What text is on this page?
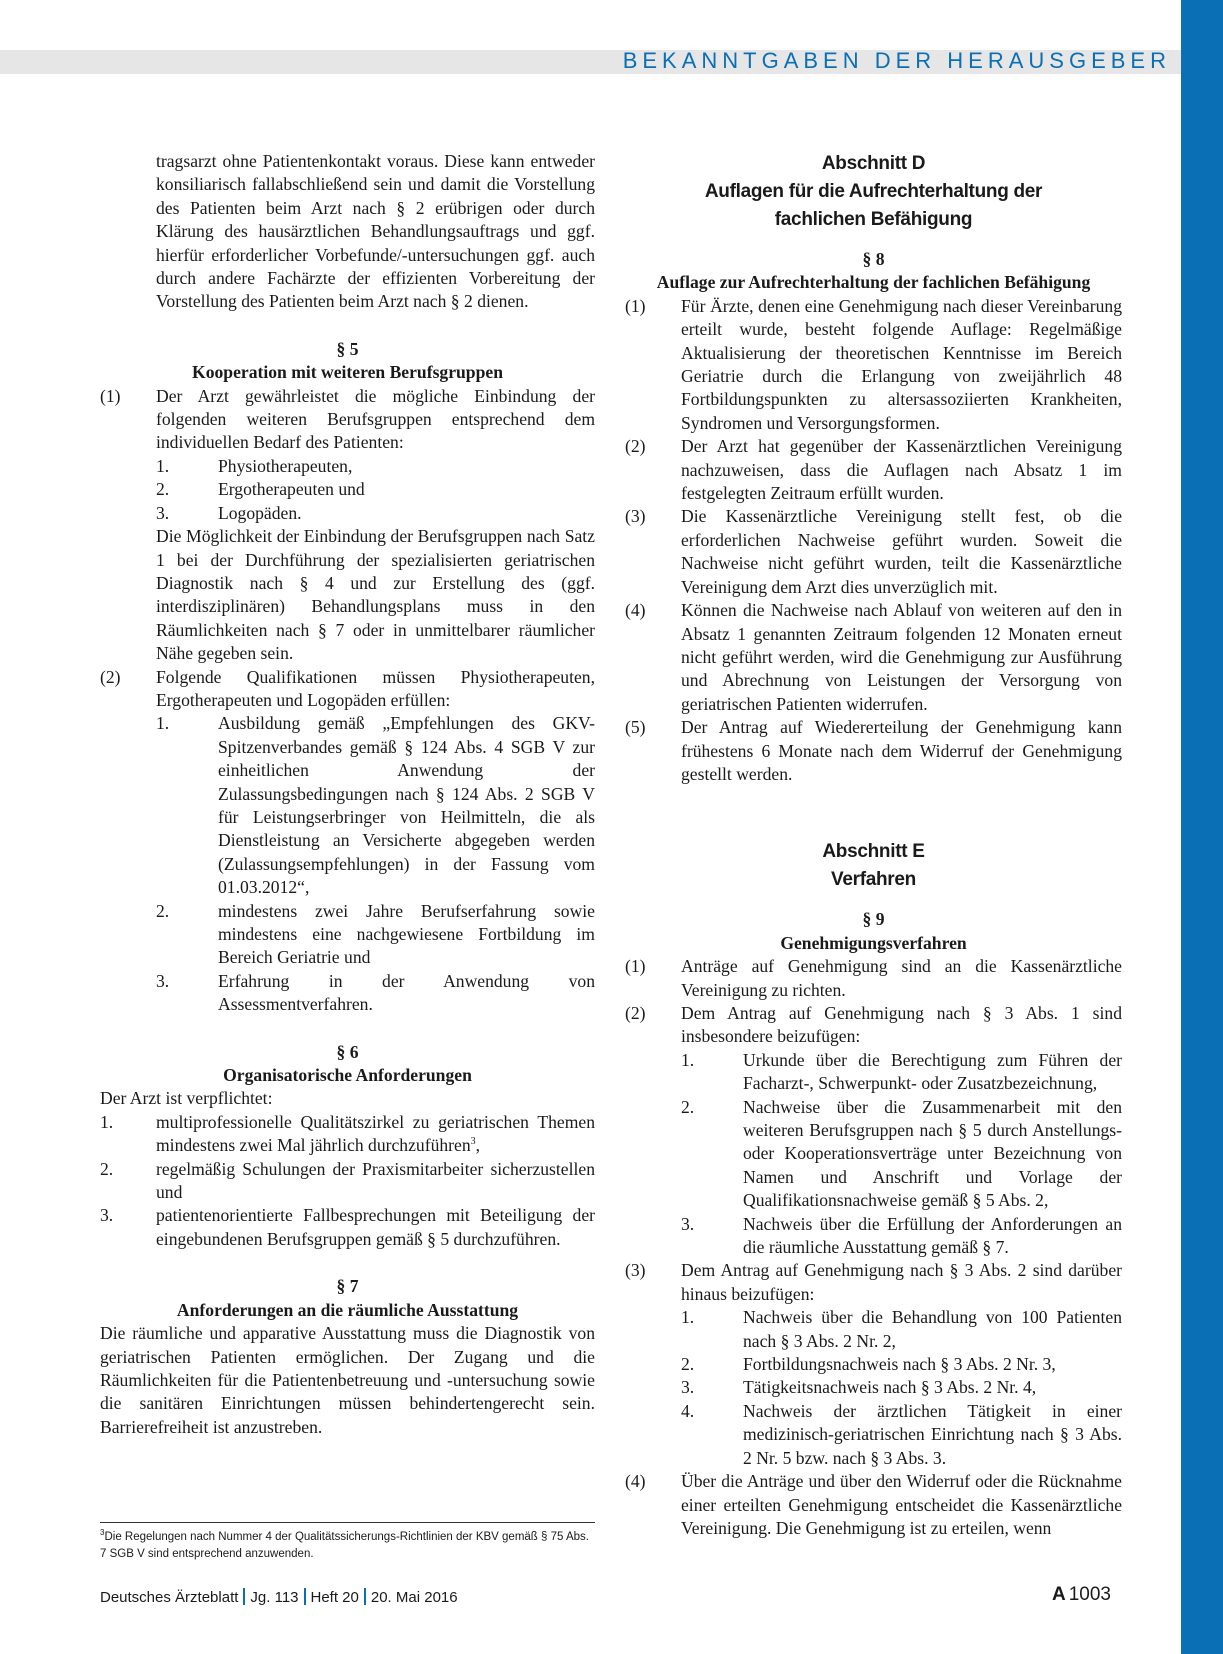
BEKANNTGABEN DER HERAUSGEBER

tragsarzt ohne Patientenkontakt voraus. Diese kann entweder konsiliarisch fallabschließend sein und damit die Vorstellung des Patienten beim Arzt nach § 2 erübrigen oder durch Klärung des hausärztlichen Behandlungsauftrags und ggf. hierfür erforderlicher Vorbefunde/-untersuchungen ggf. auch durch andere Fachärzte der effizienten Vorbereitung der Vorstellung des Patienten beim Arzt nach § 2 dienen.

§ 5

Kooperation mit weiteren Berufsgruppen

(1)	Der Arzt gewährleistet die mögliche Einbindung der folgenden weiteren Berufsgruppen entsprechend dem individuellen Bedarf des Patienten:
1.	Physiotherapeuten,
2.	Ergotherapeuten und
3.	Logopäden.

Die Möglichkeit der Einbindung der Berufsgruppen nach Satz 1 bei der Durchführung der spezialisierten geriatrischen Diagnostik nach § 4 und zur Erstellung des (ggf. interdisziplinären) Behandlungsplans muss in den Räumlichkeiten nach § 7 oder in unmittelbarer räumlicher Nähe gegeben sein.

(2)	Folgende Qualifikationen müssen Physiotherapeuten, Ergotherapeuten und Logopäden erfüllen:
1.	Ausbildung gemäß „Empfehlungen des GKV-Spitzenverbandes gemäß § 124 Abs. 4 SGB V zur einheitlichen Anwendung der Zulassungsbedingungen nach § 124 Abs. 2 SGB V für Leistungserbringer von Heilmitteln, die als Dienstleistung an Versicherte abgegeben werden (Zulassungsempfehlungen) in der Fassung vom 01.03.2012“,
2.	mindestens zwei Jahre Berufserfahrung sowie mindestens eine nachgewiesene Fortbildung im Bereich Geriatrie und
3.	Erfahrung in der Anwendung von Assessmentverfahren.

§ 6

Organisatorische Anforderungen

Der Arzt ist verpflichtet:

1.	multiprofessionelle Qualitätszirkel zu geriatrischen Themen mindestens zwei Mal jährlich durchzuführen$^3$,
2.	regelmäßig Schulungen der Praxismitarbeiter sicherzustellen und
3.	patientenorientierte Fallbesprechungen mit Beteiligung der eingebundenen Berufsgruppen gemäß § 5 durchzuführen.

§ 7

Anforderungen an die räumliche Ausstattung

Die räumliche und apparative Ausstattung muss die Diagnostik von geriatrischen Patienten ermöglichen. Der Zugang und die Räumlichkeiten für die Patientenbetreuung und -untersuchung sowie die sanitären Einrichtungen müssen behindertengerecht sein. Barrierefreiheit ist anzustreben.

$^3$Die Regelungen nach Nummer 4 der Qualitätssicherungs-Richtlinien der KBV gemäß § 75 Abs. 7 SGB V sind entsprechend anzuwenden.
Abschnitt D
Auflagen für die Aufrechterhaltung der
fachlichen Befähigung

§ 8

Auflage zur Aufrechterhaltung der fachlichen Befähigung

(1)	Für Ärzte, denen eine Genehmigung nach dieser Vereinbarung erteilt wurde, besteht folgende Auflage: Regelmäßige Aktualisierung der theoretischen Kenntnisse im Bereich Geriatrie durch die Erlangung von zweijährlich 48 Fortbildungspunkten zu altersassoziierten Krankheiten, Syndromen und Versorgungsformen.
(2)	Der Arzt hat gegenüber der Kassenärztlichen Vereinigung nachzuweisen, dass die Auflagen nach Absatz 1 im festgelegten Zeitraum erfüllt wurden.
(3)	Die Kassenärztliche Vereinigung stellt fest, ob die erforderlichen Nachweise geführt wurden. Soweit die Nachweise nicht geführt wurden, teilt die Kassenärztliche Vereinigung dem Arzt dies unverzüglich mit.
(4)	Können die Nachweise nach Ablauf von weiteren auf den in Absatz 1 genannten Zeitraum folgenden 12 Monaten erneut nicht geführt werden, wird die Genehmigung zur Ausführung und Abrechnung von Leistungen der Versorgung von geriatrischen Patienten widerrufen.
(5)	Der Antrag auf Wiedererteilung der Genehmigung kann frühestens 6 Monate nach dem Widerruf der Genehmigung gestellt werden.
Abschnitt E
Verfahren

§ 9

Genehmigungsverfahren

(1)	Anträge auf Genehmigung sind an die Kassenärztliche Vereinigung zu richten.
(2)	Dem Antrag auf Genehmigung nach § 3 Abs. 1 sind insbesondere beizufügen:
1.	Urkunde über die Berechtigung zum Führen der Facharzt-, Schwerpunkt- oder Zusatzbezeichnung,
2.	Nachweise über die Zusammenarbeit mit den weiteren Berufsgruppen nach § 5 durch Anstellungs- oder Kooperationsverträge unter Bezeichnung von Namen und Anschrift und Vorlage der Qualifikationsnachweise gemäß § 5 Abs. 2,
3.	Nachweis über die Erfüllung der Anforderungen an die räumliche Ausstattung gemäß § 7.
(3)	Dem Antrag auf Genehmigung nach § 3 Abs. 2 sind darüber hinaus beizufügen:
1.	Nachweis über die Behandlung von 100 Patienten nach § 3 Abs. 2 Nr. 2,
2.	Fortbildungsnachweis nach § 3 Abs. 2 Nr. 3,
3.	Tätigkeitsnachweis nach § 3 Abs. 2 Nr. 4,
4.	Nachweis der ärztlichen Tätigkeit in einer medizinisch-geriatrischen Einrichtung nach § 3 Abs. 2 Nr. 5 bzw. nach § 3 Abs. 3.
(4)	Über die Anträge und über den Widerruf oder die Rücknahme einer erteilten Genehmigung entscheidet die Kassenärztliche Vereinigung. Die Genehmigung ist zu erteilen, wenn
Deutsches Ärzteblatt Jg. 113 Heft 20 20. Mai 2016	A 1003
